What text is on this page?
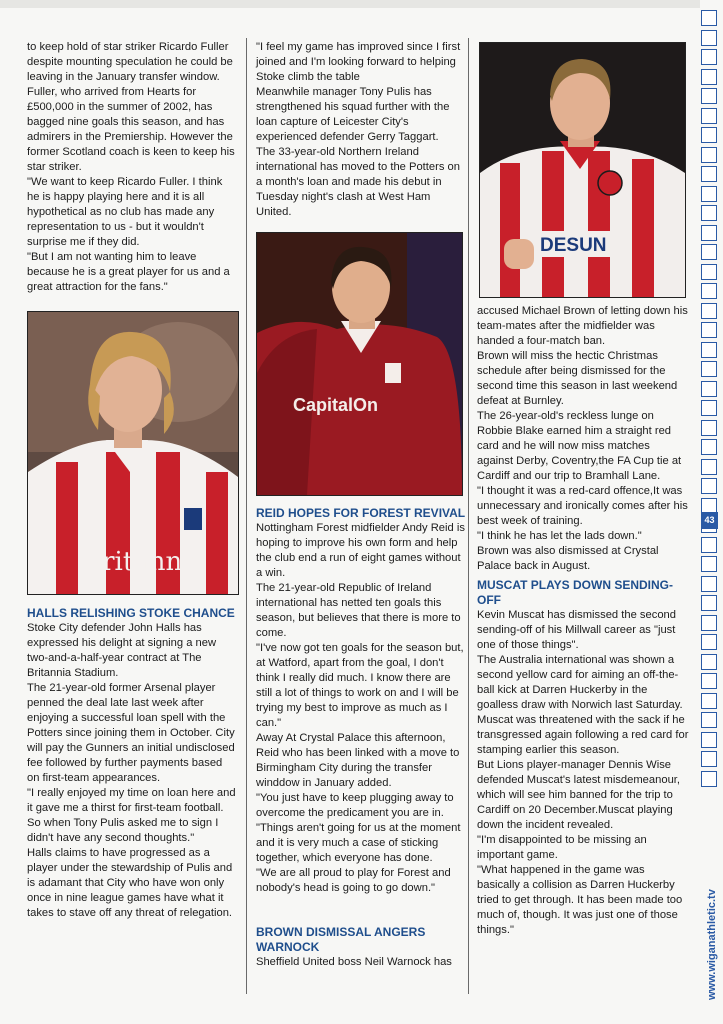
to keep hold of star striker Ricardo Fuller despite mounting speculation he could be leaving in the January transfer window.
Fuller, who arrived from Hearts for £500,000 in the summer of 2002, has bagged nine goals this season, and has admirers in the Premiership. However the former Scotland coach is keen to keep his star striker.
"We want to keep Ricardo Fuller. I think he is happy playing here and it is all hypothetical as no club has made any representation to us - but it wouldn't surprise me if they did.
"But I am not wanting him to leave because he is a great player for us and a great attraction for the fans."

Britannia

HALLS RELISHING STOKE CHANCE

Stoke City defender John Halls has expressed his delight at signing a new two-and-a-half-year contract at The Britannia Stadium.
The 21-year-old former Arsenal player penned the deal late last week after enjoying a successful loan spell with the Potters since joining them in October. City will pay the Gunners an initial undisclosed fee followed by further payments based on first-team appearances.
"I really enjoyed my time on loan here and it gave me a thirst for first-team football. So when Tony Pulis asked me to sign I didn't have any second thoughts."
Halls claims to have progressed as a player under the stewardship of Pulis and is adamant that City who have won only once in nine league games have what it takes to stave off any threat of relegation.

"I feel my game has improved since I first joined and I'm looking forward to helping Stoke climb the table
Meanwhile manager Tony Pulis has strengthened his squad further with the loan capture of Leicester City's experienced defender Gerry Taggart.
The 33-year-old Northern Ireland international has moved to the Potters on a month's loan and made his debut in Tuesday night's clash at West Ham United.

CapitalOn

REID HOPES FOR FOREST REVIVAL

Nottingham Forest midfielder Andy Reid is hoping to improve his own form and help the club end a run of eight games without a win.
The 21-year-old Republic of Ireland international has netted ten goals this season, but believes that there is more to come.
"I've now got ten goals for the season but, at Watford, apart from the goal, I don't think I really did much. I know there are still a lot of things to work on and I will be trying my best to improve as much as I can."
Away At Crystal Palace this afternoon, Reid who has been linked with a move to Birmingham City during the transfer winddow in January added.
"You just have to keep plugging away to overcome the predicament you are in.
"Things aren't going for us at the moment and it is very much a case of sticking together, which everyone has done.
"We are all proud to play for Forest and nobody's head is going to go down."

BROWN DISMISSAL ANGERS WARNOCK

Sheffield United boss Neil Warnock has

DESUN

accused Michael Brown of letting down his team-mates after the midfielder was handed a four-match ban.
Brown will miss the hectic Christmas schedule after being dismissed for the second time this season in last weekend defeat at Burnley.
The 26-year-old's reckless lunge on Robbie Blake earned him a straight red card and he will now miss matches against Derby, Coventry,the FA Cup tie at Cardiff and our trip to Bramhall Lane.
"I thought it was a red-card offence,It was unnecessary and ironically comes after his best week of training.
"I think he has let the lads down."
Brown was also dismissed at Crystal Palace back in August.

MUSCAT PLAYS DOWN SENDING-OFF

Kevin Muscat has dismissed the second sending-off of his Millwall career as "just one of those things".
The Australia international was shown a second yellow card for aiming an off-the-ball kick at Darren Huckerby in the goalless draw with Norwich last Saturday.
Muscat was threatened with the sack if he transgressed again following a red card for stamping earlier this season.
But Lions player-manager Dennis Wise defended Muscat's latest misdemeanour, which will see him banned for the trip to Cardiff on 20 December.Muscat playing down the incident revealed.
"I'm disappointed to be missing an important game.
"What happened in the game was basically a collision as Darren Huckerby tried to get through. It has been made too much of, though. It was just one of those things."

43
www.wiganathletic.tv
